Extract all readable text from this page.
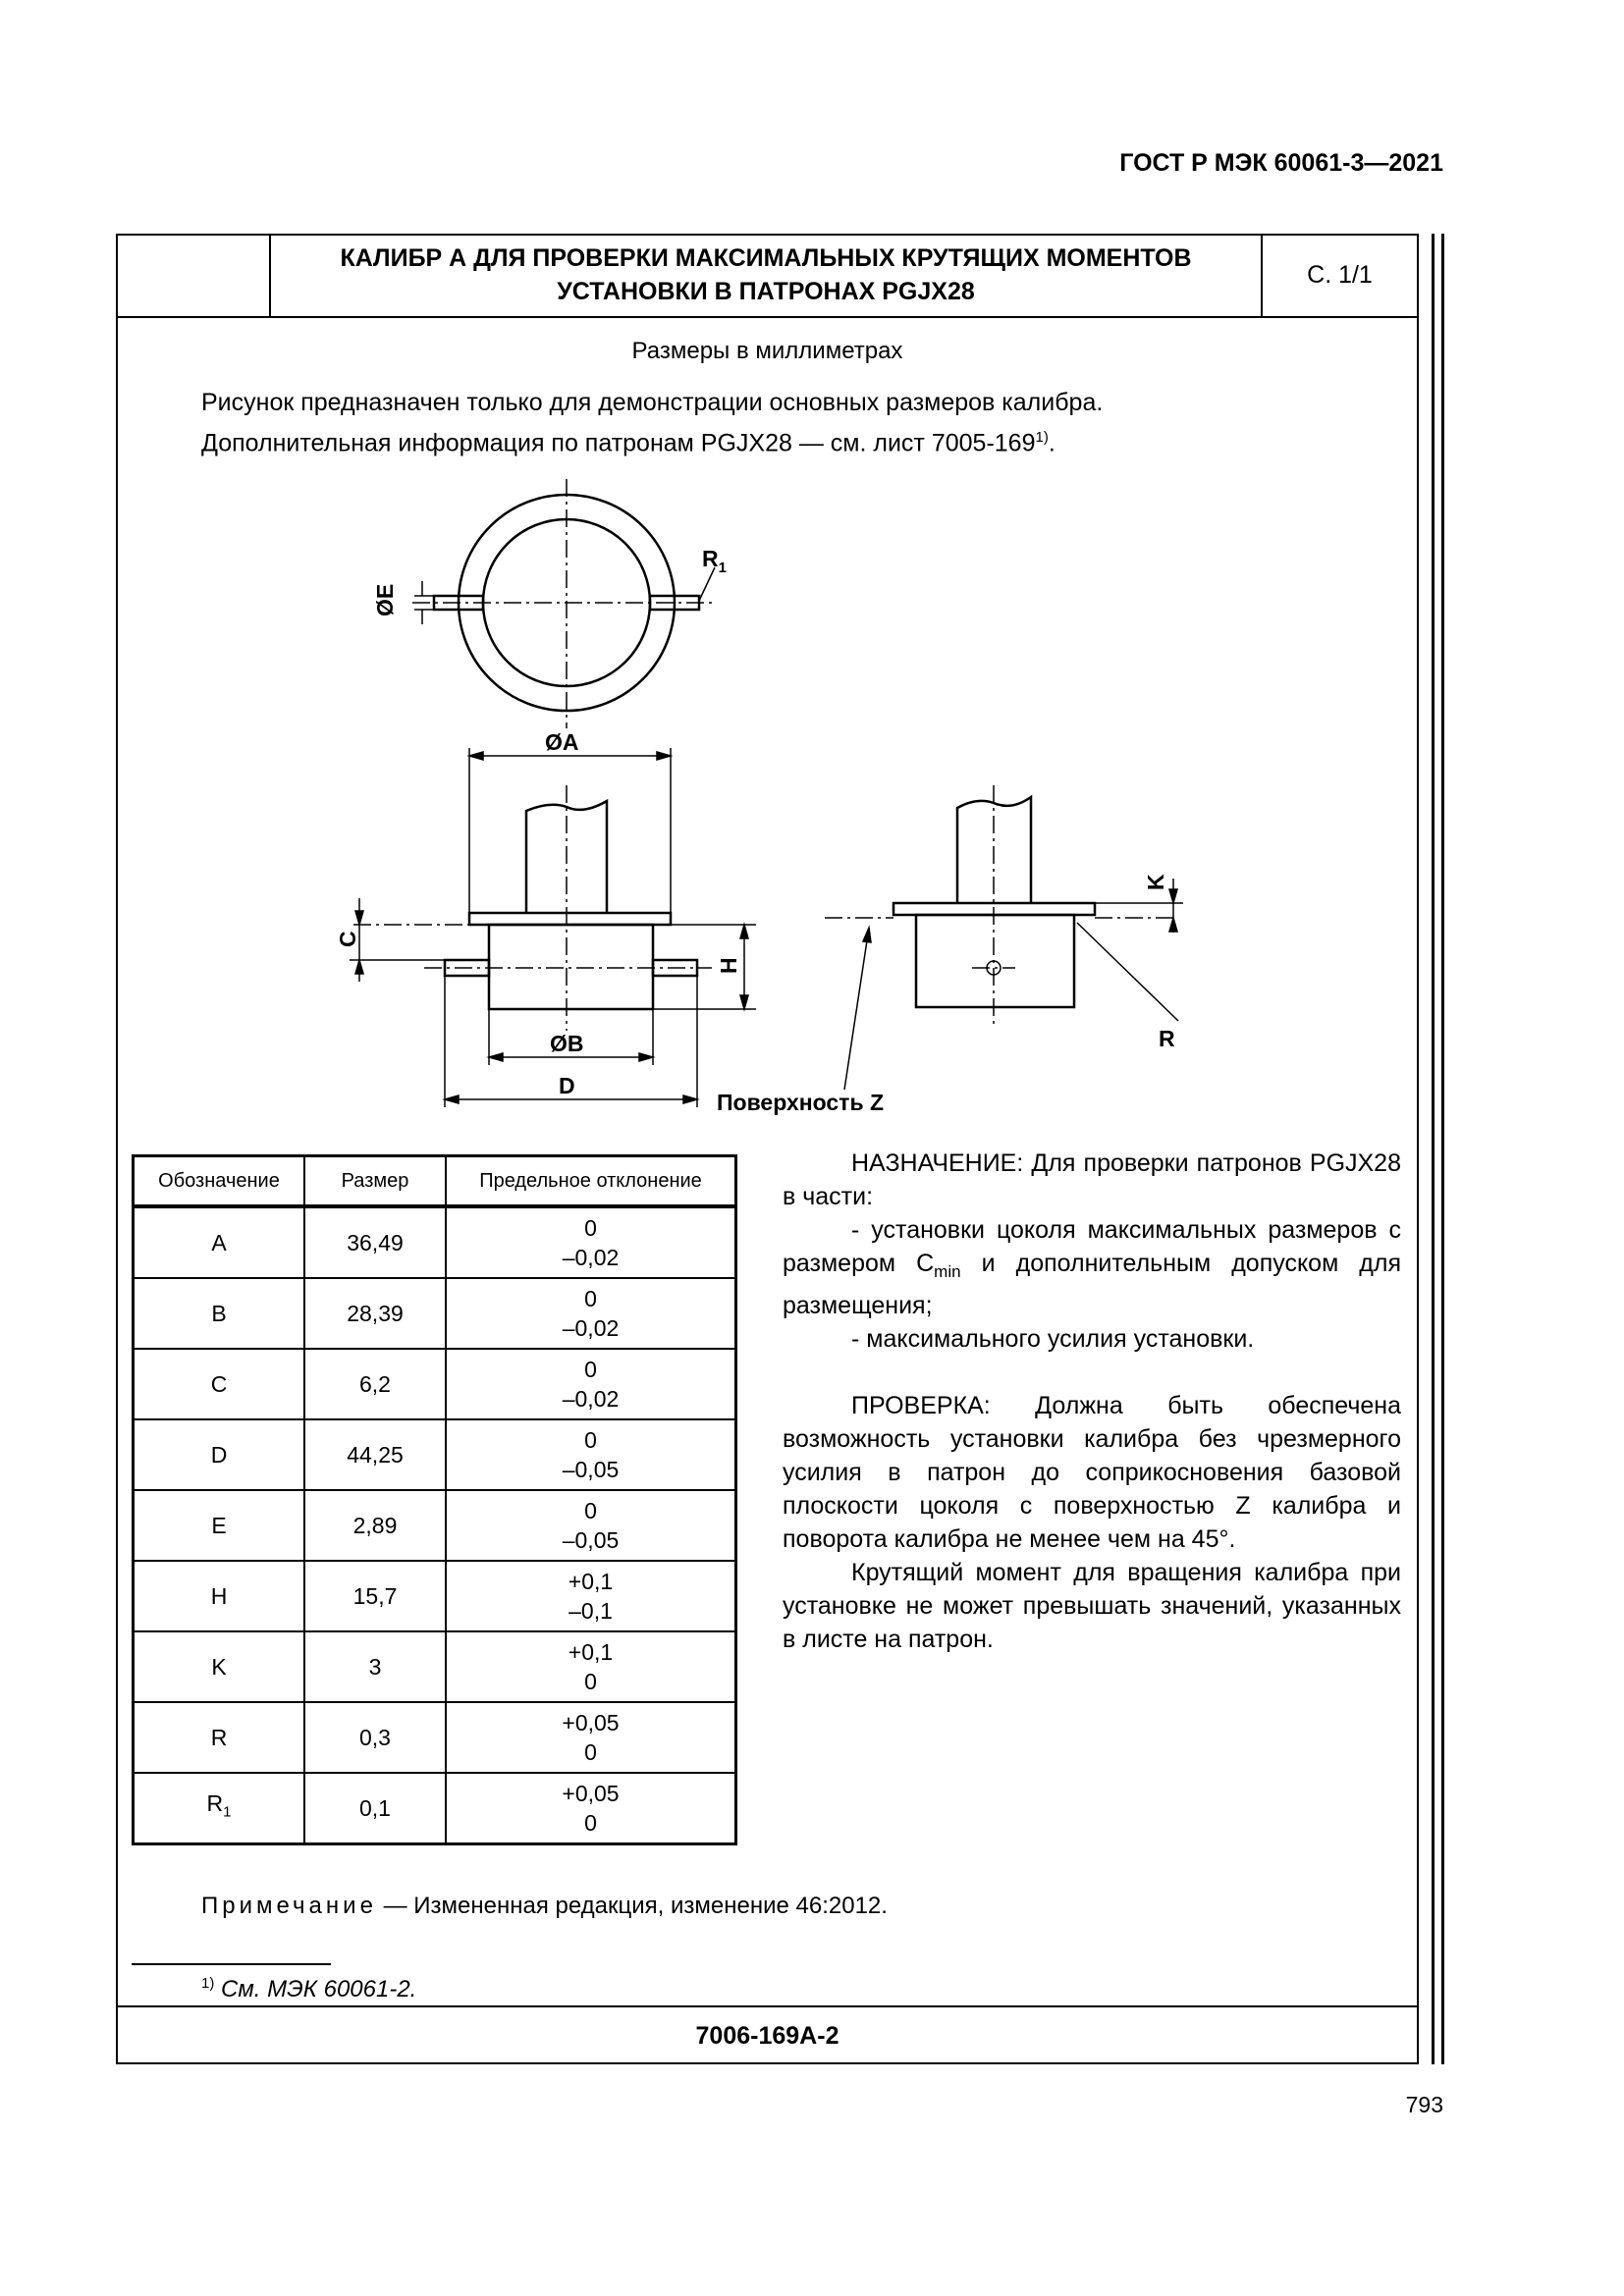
ГОСТ Р МЭК 60061-3—2021
КАЛИБР А ДЛЯ ПРОВЕРКИ МАКСИМАЛЬНЫХ КРУТЯЩИХ МОМЕНТОВ
УСТАНОВКИ В ПАТРОНАХ PGJX28
С. 1/1
Размеры в миллиметрах
Рисунок предназначен только для демонстрации основных размеров калибра.
Дополнительная информация по патронам PGJX28 — см. лист 7005-169$^{1)}$.
ØE
$R_1$
ØA
C
H
ØB
D
K
R
Поверхность Z
Обозначение	Размер	Предельное отклонение
A	36,49	0
–0,02

B	28,39	0
–0,02

C	6,2	0
–0,02

D	44,25	0
–0,05

E	2,89	0
–0,05

H	15,7	+0,1
–0,1

K	3	+0,1
0

R	0,3	+0,05
0

$R_1$	0,1	+0,05
0

НАЗНАЧЕНИЕ: Для проверки патронов PGJX28 в части:

- установки цоколя максимальных размеров с размером $C_{min}$ и дополнительным допуском для размещения;

- максимального усилия установки.

ПРОВЕРКА: Должна быть обеспечена возможность установки калибра без чрезмерного усилия в патрон до соприкосновения базовой плоскости цоколя с поверхностью Z калибра и поворота калибра не менее чем на 45°.

Крутящий момент для вращения калибра при установке не может превышать значений, указанных в листе на патрон.

Примечание — Измененная редакция, изменение 46:2012.
$^{1)}$ См. МЭК 60061-2.
7006-169A-2
793
